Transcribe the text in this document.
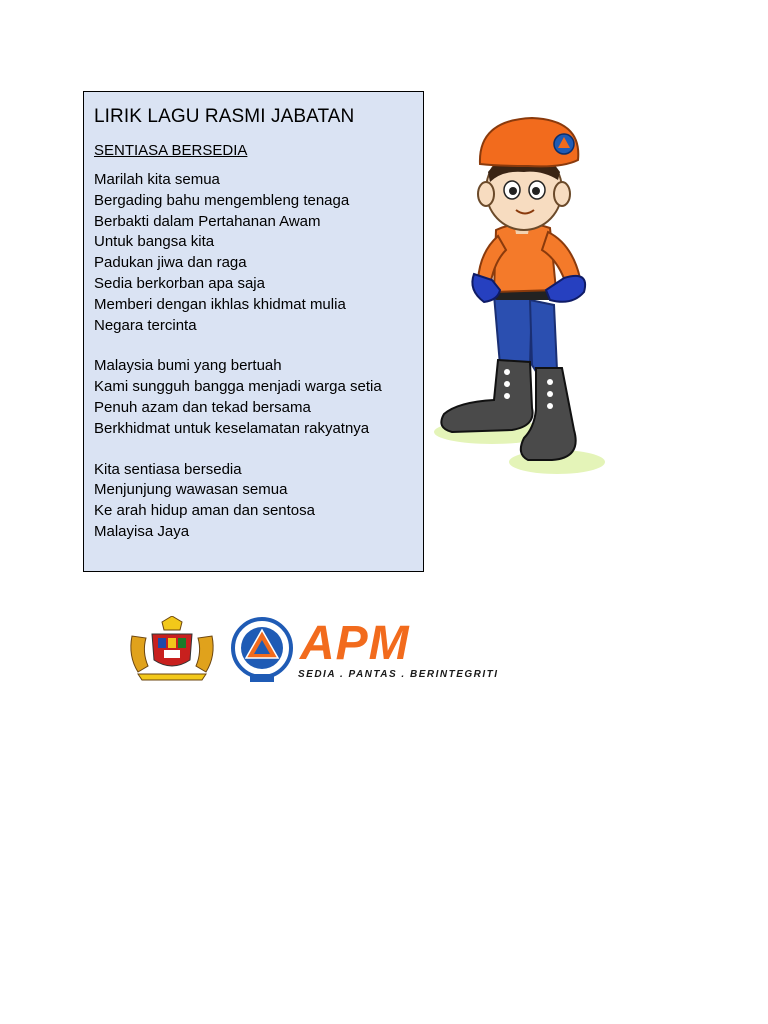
LIRIK LAGU RASMI JABATAN
SENTIASA BERSEDIA
Marilah kita semua
Bergading bahu mengembleng tenaga
Berbakti dalam Pertahanan Awam
Untuk bangsa kita
Padukan jiwa dan raga
Sedia berkorban apa saja
Memberi dengan ikhlas khidmat mulia
Negara tercinta
Malaysia bumi yang bertuah
Kami sungguh bangga menjadi warga setia
Penuh azam dan tekad bersama
Berkhidmat untuk keselamatan rakyatnya
Kita sentiasa bersedia
Menjunjung wawasan semua
Ke arah hidup aman dan sentosa
Malayisa Jaya
APM
SEDIA . PANTAS . BERINTEGRITI
